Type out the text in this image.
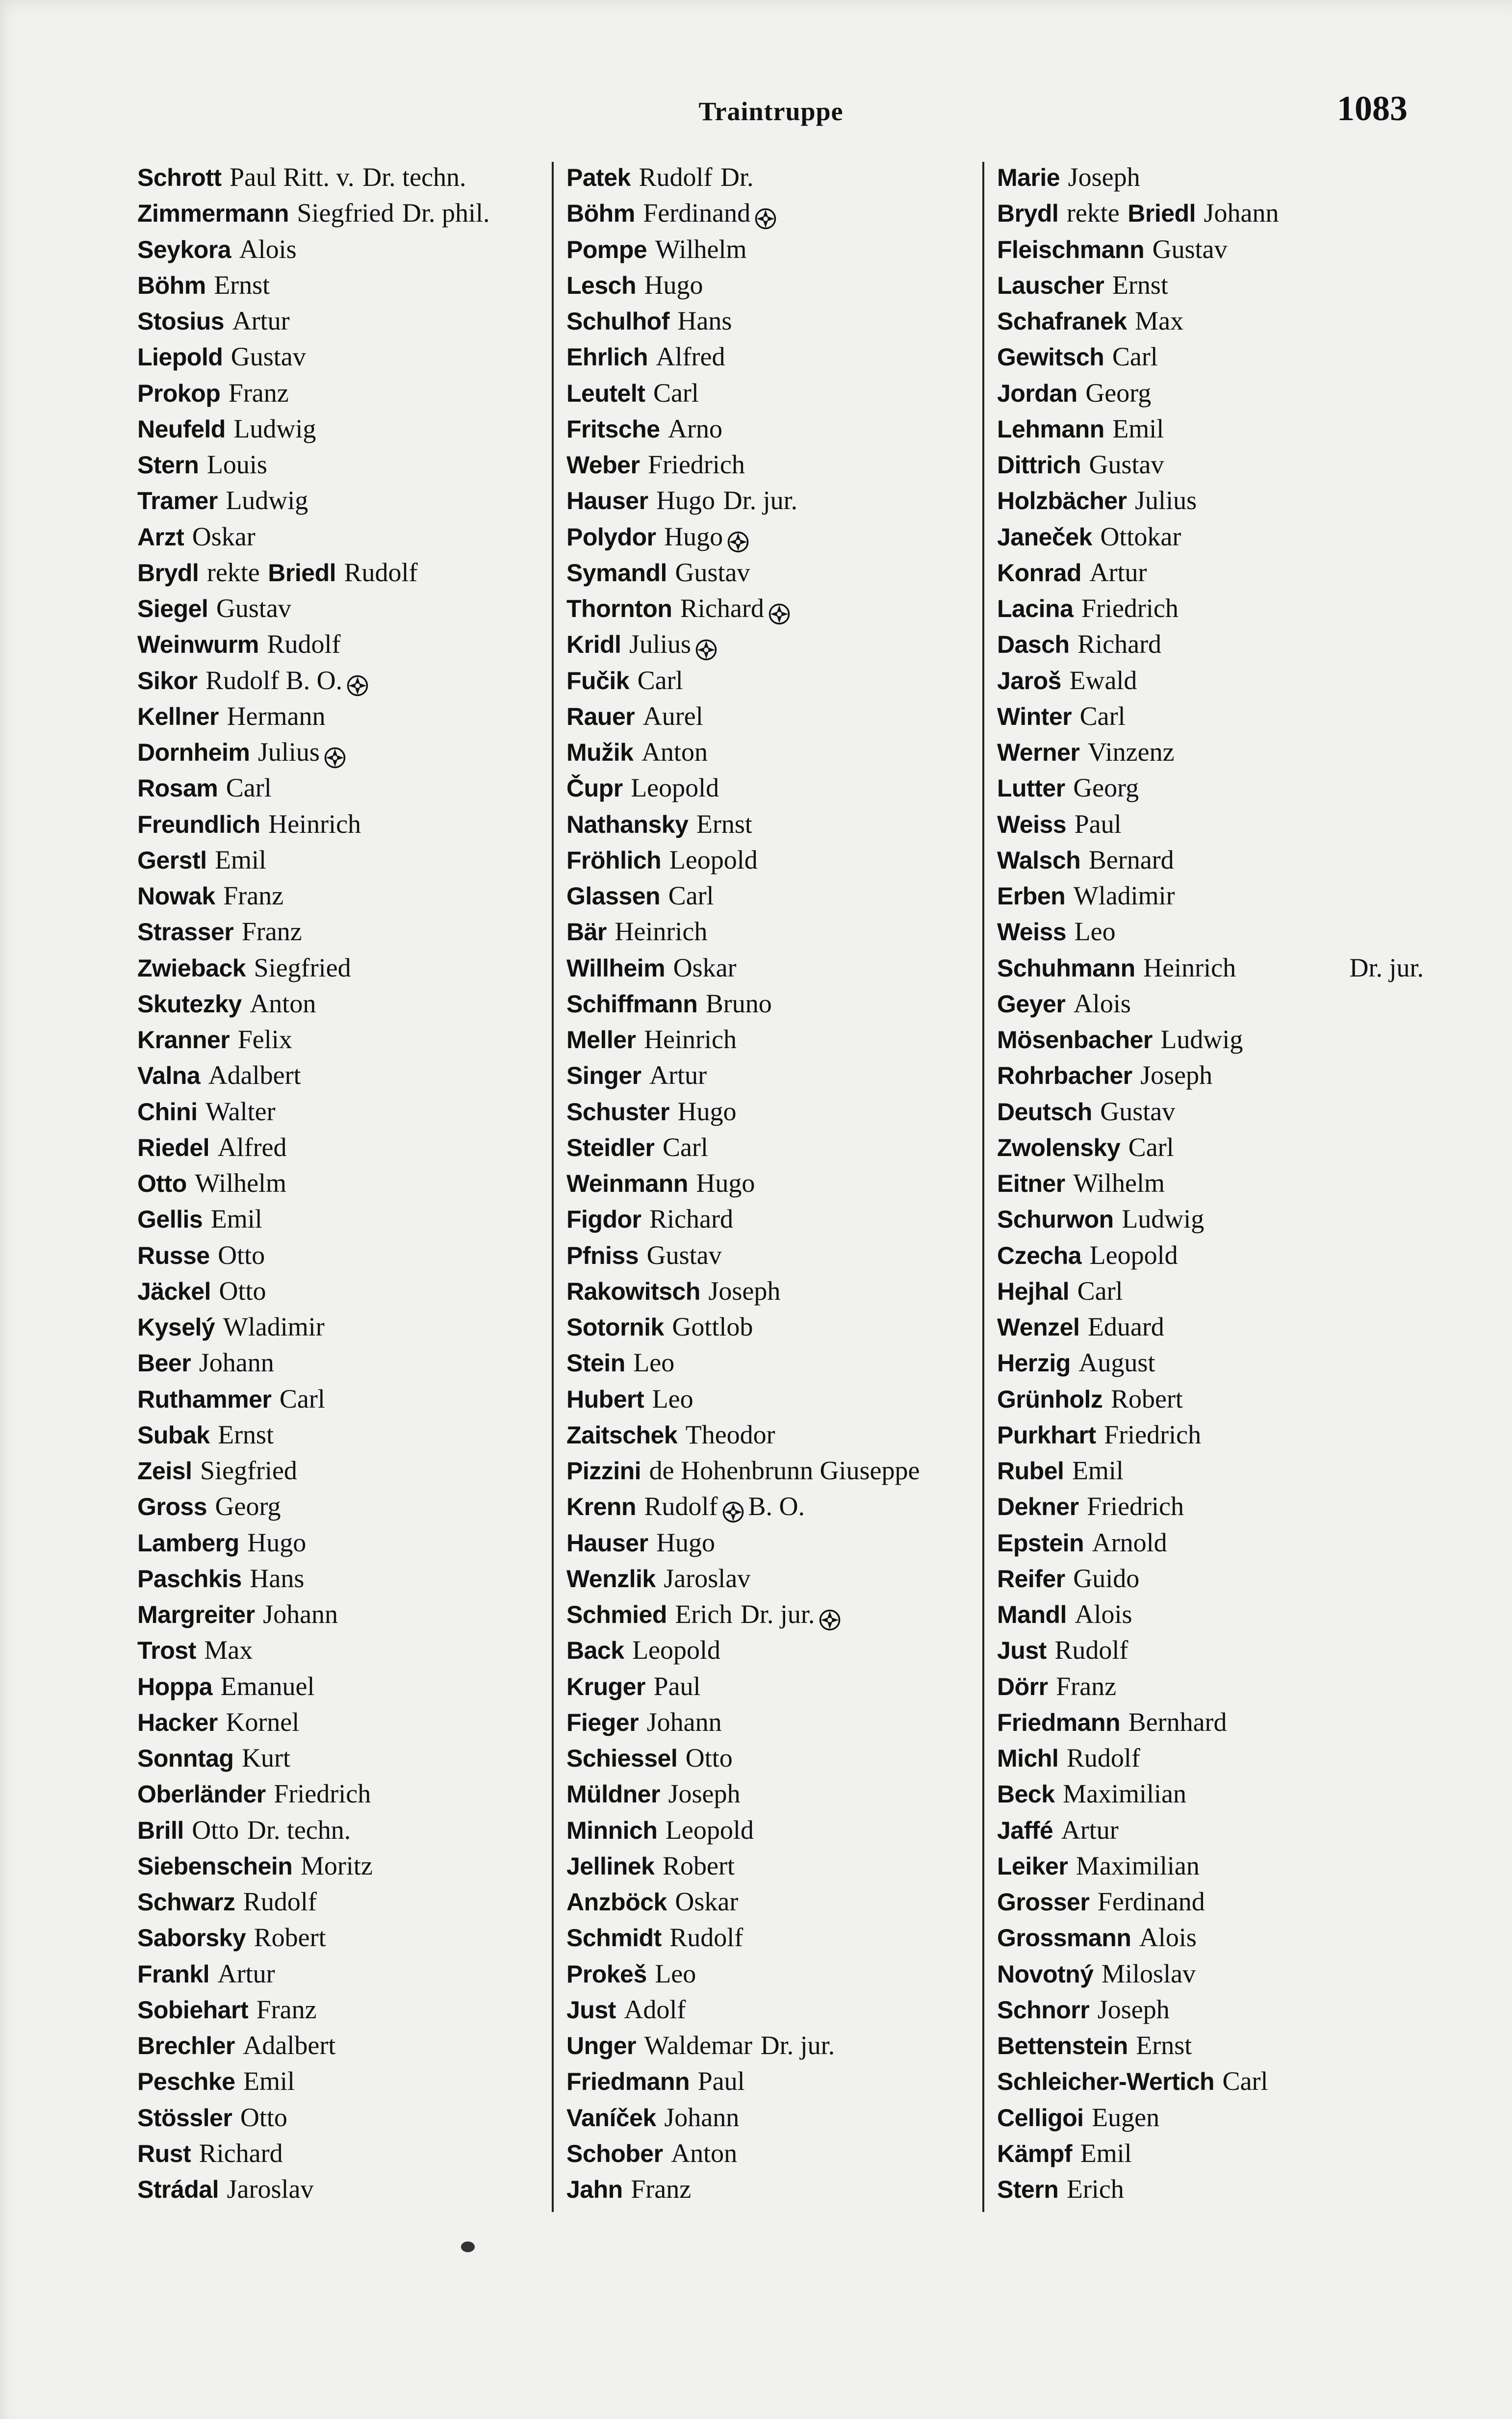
Traintruppe	1083
Schrott Paul Ritt. v. Dr. techn.
Zimmermann Siegfried Dr. phil.
Seykora Alois
Böhm Ernst
Stosius Artur
Liepold Gustav
Prokop Franz
Neufeld Ludwig
Stern Louis
Tramer Ludwig
Arzt Oskar
Brydl rekte Briedl Rudolf
Siegel Gustav
Weinwurm Rudolf
Sikor Rudolf B. O.
Kellner Hermann
Dornheim Julius
Rosam Carl
Freundlich Heinrich
Gerstl Emil
Nowak Franz
Strasser Franz
Zwieback Siegfried
Skutezky Anton
Kranner Felix
Valna Adalbert
Chini Walter
Riedel Alfred
Otto Wilhelm
Gellis Emil
Russe Otto
Jäckel Otto
Kyselý Wladimir
Beer Johann
Ruthammer Carl
Subak Ernst
Zeisl Siegfried
Gross Georg
Lamberg Hugo
Paschkis Hans
Margreiter Johann
Trost Max
Hoppa Emanuel
Hacker Kornel
Sonntag Kurt
Oberländer Friedrich
Brill Otto Dr. techn.
Siebenschein Moritz
Schwarz Rudolf
Saborsky Robert
Frankl Artur
Sobiehart Franz
Brechler Adalbert
Peschke Emil
Stössler Otto
Rust Richard
Strádal Jaroslav
Patek Rudolf Dr.
Böhm Ferdinand
Pompe Wilhelm
Lesch Hugo
Schulhof Hans
Ehrlich Alfred
Leutelt Carl
Fritsche Arno
Weber Friedrich
Hauser Hugo Dr. jur.
Polydor Hugo
Symandl Gustav
Thornton Richard
Kridl Julius
Fučik Carl
Rauer Aurel
Mužik Anton
Čupr Leopold
Nathansky Ernst
Fröhlich Leopold
Glassen Carl
Bär Heinrich
Willheim Oskar
Schiffmann Bruno
Meller Heinrich
Singer Artur
Schuster Hugo
Steidler Carl
Weinmann Hugo
Figdor Richard
Pfniss Gustav
Rakowitsch Joseph
Sotornik Gottlob
Stein Leo
Hubert Leo
Zaitschek Theodor
Pizzini de Hohenbrunn Giuseppe
Krenn Rudolf B. O.
Hauser Hugo
Wenzlik Jaroslav
Schmied Erich Dr. jur.
Back Leopold
Kruger Paul
Fieger Johann
Schiessel Otto
Müldner Joseph
Minnich Leopold
Jellinek Robert
Anzböck Oskar
Schmidt Rudolf
Prokeš Leo
Just Adolf
Unger Waldemar Dr. jur.
Friedmann Paul
Vaníček Johann
Schober Anton
Jahn Franz
Marie Joseph
Brydl rekte Briedl Johann
Fleischmann Gustav
Lauscher Ernst
Schafranek Max
Gewitsch Carl
Jordan Georg
Lehmann Emil
Dittrich Gustav
Holzbächer Julius
Janeček Ottokar
Konrad Artur
Lacina Friedrich
Dasch Richard
Jaroš Ewald
Winter Carl
Werner Vinzenz
Lutter Georg
Weiss Paul
Walsch Bernard
Erben Wladimir
Weiss Leo
Schuhmann Heinrich	Dr. jur.
Geyer Alois
Mösenbacher Ludwig
Rohrbacher Joseph
Deutsch Gustav
Zwolensky Carl
Eitner Wilhelm
Schurwon Ludwig
Czecha Leopold
Hejhal Carl
Wenzel Eduard
Herzig August
Grünholz Robert
Purkhart Friedrich
Rubel Emil
Dekner Friedrich
Epstein Arnold
Reifer Guido
Mandl Alois
Just Rudolf
Dörr Franz
Friedmann Bernhard
Michl Rudolf
Beck Maximilian
Jaffé Artur
Leiker Maximilian
Grosser Ferdinand
Grossmann Alois
Novotný Miloslav
Schnorr Joseph
Bettenstein Ernst
Schleicher-Wertich Carl
Celligoi Eugen
Kämpf Emil
Stern Erich
